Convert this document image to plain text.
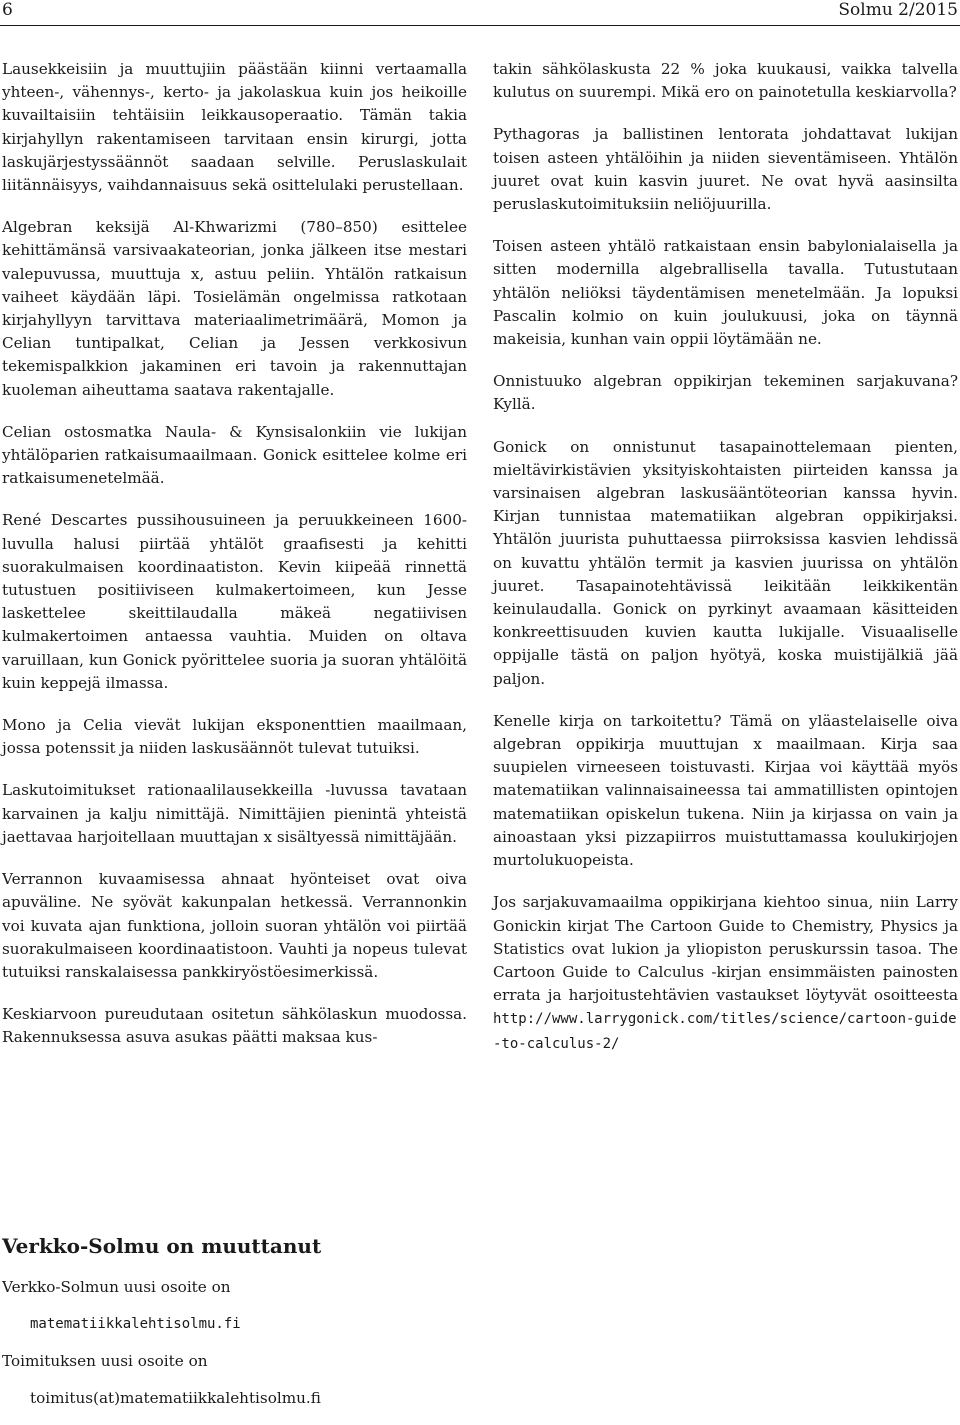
6	Solmu 2/2015

Lausekkeisiin ja muuttujiin päästään kiinni vertaamalla yhteen-, vähennys-, kerto- ja jakolaskua kuin jos heikoille kuvailtaisiin tehtäisiin leikkausoperaatio. Tämän takia kirjahyllyn rakentamiseen tarvitaan ensin kirurgi, jotta laskujärjestyssäännöt saadaan selville. Peruslaskulait liitännäisyys, vaihdannaisuus sekä osittelulaki perustellaan.

Algebran keksijä Al-Khwarizmi (780–850) esittelee kehittämänsä varsivaakateorian, jonka jälkeen itse mestari valepuvussa, muuttuja x, astuu peliin. Yhtälön ratkaisun vaiheet käydään läpi. Tosielämän ongelmissa ratkotaan kirjahyllyyn tarvittava materiaalimetrimäärä, Momon ja Celian tuntipalkat, Celian ja Jessen verkkosivun tekemispalkkion jakaminen eri tavoin ja rakennuttajan kuoleman aiheuttama saatava rakentajalle.

Celian ostosmatka Naula- & Kynsisalonkiin vie lukijan yhtälöparien ratkaisumaailmaan. Gonick esittelee kolme eri ratkaisumenetelmää.

René Descartes pussihousuineen ja peruukkeineen 1600-luvulla halusi piirtää yhtälöt graafisesti ja kehitti suorakulmaisen koordinaatiston. Kevin kiipeää rinnettä tutustuen positiiviseen kulmakertoimeen, kun Jesse laskettelee skeittilaudalla mäkeä negatiivisen kulmakertoimen antaessa vauhtia. Muiden on oltava varuillaan, kun Gonick pyörittelee suoria ja suoran yhtälöitä kuin keppejä ilmassa.

Mono ja Celia vievät lukijan eksponenttien maailmaan, jossa potenssit ja niiden laskusäännöt tulevat tutuiksi.

Laskutoimitukset rationaalilausekkeilla -luvussa tavataan karvainen ja kalju nimittäjä. Nimittäjien pienintä yhteistä jaettavaa harjoitellaan muuttajan x sisältyessä nimittäjään.

Verrannon kuvaamisessa ahnaat hyönteiset ovat oiva apuväline. Ne syövät kakunpalan hetkessä. Verrannonkin voi kuvata ajan funktiona, jolloin suoran yhtälön voi piirtää suorakulmaiseen koordinaatistoon. Vauhti ja nopeus tulevat tutuiksi ranskalaisessa pankkiryöstöesimerkissä.

Keskiarvoon pureudutaan ositetun sähkölaskun muodossa. Rakennuksessa asuva asukas päätti maksaa kus-

takin sähkölaskusta 22 % joka kuukausi, vaikka talvella kulutus on suurempi. Mikä ero on painotetulla keskiarvolla?

Pythagoras ja ballistinen lentorata johdattavat lukijan toisen asteen yhtälöihin ja niiden sieventämiseen. Yhtälön juuret ovat kuin kasvin juuret. Ne ovat hyvä aasinsilta peruslaskutoimituksiin neliöjuurilla.

Toisen asteen yhtälö ratkaistaan ensin babylonialaisella ja sitten modernilla algebrallisella tavalla. Tutustutaan yhtälön neliöksi täydentämisen menetelmään. Ja lopuksi Pascalin kolmio on kuin joulukuusi, joka on täynnä makeisia, kunhan vain oppii löytämään ne.

Onnistuuko algebran oppikirjan tekeminen sarjakuvana? Kyllä.

Gonick on onnistunut tasapainottelemaan pienten, mieltävirkistävien yksityiskohtaisten piirteiden kanssa ja varsinaisen algebran laskusääntöteorian kanssa hyvin. Kirjan tunnistaa matematiikan algebran oppikirjaksi. Yhtälön juurista puhuttaessa piirroksissa kasvien lehdissä on kuvattu yhtälön termit ja kasvien juurissa on yhtälön juuret. Tasapainotehtävissä leikitään leikkikentän keinulaudalla. Gonick on pyrkinyt avaamaan käsitteiden konkreettisuuden kuvien kautta lukijalle. Visuaaliselle oppijalle tästä on paljon hyötyä, koska muistijälkiä jää paljon.

Kenelle kirja on tarkoitettu? Tämä on yläastelaiselle oiva algebran oppikirja muuttujan x maailmaan. Kirja saa suupielen virneeseen toistuvasti. Kirjaa voi käyttää myös matematiikan valinnaisaineessa tai ammatillisten opintojen matematiikan opiskelun tukena. Niin ja kirjassa on vain ja ainoastaan yksi pizzapiirros muistuttamassa koulukirjojen murtolukuopeista.

Jos sarjakuvamaailma oppikirjana kiehtoo sinua, niin Larry Gonickin kirjat The Cartoon Guide to Chemistry, Physics ja Statistics ovat lukion ja yliopiston peruskurssin tasoa. The Cartoon Guide to Calculus -kirjan ensimmäisten painosten errata ja harjoitustehtävien vastaukset löytyvät osoitteesta http://www.larrygonick.com/titles/science/cartoon-guide-to-calculus-2/

Verkko-Solmu on muuttanut

Verkko-Solmun uusi osoite on

matematiikkalehtisolmu.fi

Toimituksen uusi osoite on

toimitus(at)matematiikkalehtisolmu.fi
